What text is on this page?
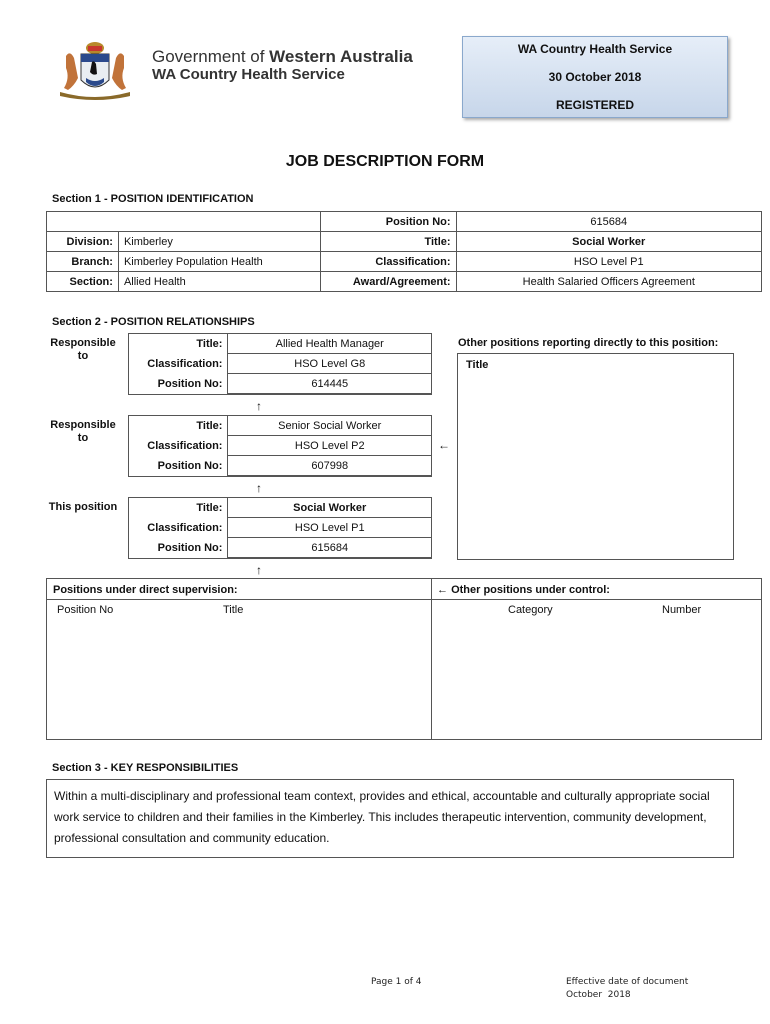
Government of Western Australia
WA Country Health Service
WA Country Health Service
30 October 2018
REGISTERED
JOB DESCRIPTION FORM
Section 1 - POSITION IDENTIFICATION
		Position No:	615684
Division:	Kimberley	Title:	Social Worker
Branch:	Kimberley Population Health	Classification:	HSO Level P1
Section:	Allied Health	Award/Agreement:	Health Salaried Officers Agreement
Section 2 - POSITION RELATIONSHIPS
Responsible to
Title:	Allied Health Manager
Classification:	HSO Level G8
Position No:	614445
↑
Responsible to
Title:	Senior Social Worker
Classification:	HSO Level P2
Position No:	607998
←
↑
This position	Title:	Social Worker
Classification:	HSO Level P1
Position No:	615684
↑
Other positions reporting directly to this position:
Title
Positions under direct supervision:	← Other positions under control:
Position No	Title	Category	Number
Section 3 - KEY RESPONSIBILITIES
Within a multi-disciplinary and professional team context, provides and ethical, accountable and culturally appropriate social work service to children and their families in the Kimberley. This includes therapeutic intervention, community development, professional consultation and community education.
Page 1 of 4	Effective date of document
October  2018
